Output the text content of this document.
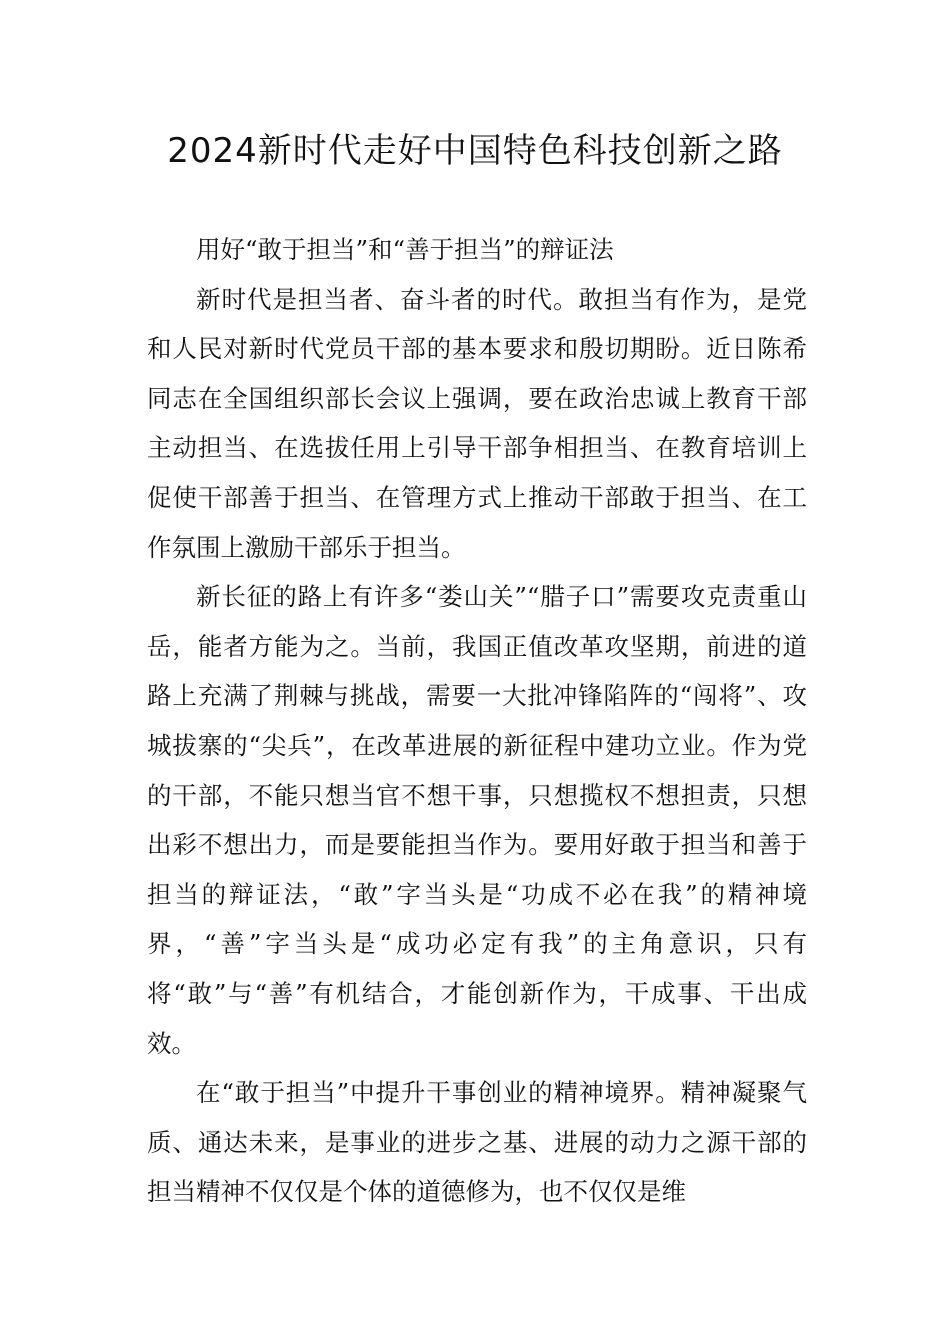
2024新时代走好中国特色科技创新之路

用好“敢于担当”和“善于担当”的辩证法

新时代是担当者、奋斗者的时代。敢担当有作为，是党和人民对新时代党员干部的基本要求和殷切期盼。近日陈希同志在全国组织部长会议上强调，要在政治忠诚上教育干部主动担当、在选拔任用上引导干部争相担当、在教育培训上促使干部善于担当、在管理方式上推动干部敢于担当、在工作氛围上激励干部乐于担当。

新长征的路上有许多“娄山关”“腊子口”需要攻克责重山岳，能者方能为之。当前，我国正值改革攻坚期，前进的道路上充满了荆棘与挑战，需要一大批冲锋陷阵的“闯将”、攻城拔寨的“尖兵”，在改革进展的新征程中建功立业。作为党的干部，不能只想当官不想干事，只想揽权不想担责，只想出彩不想出力，而是要能担当作为。要用好敢于担当和善于担当的辩证法，“敢”字当头是“功成不必在我”的精神境界，“善”字当头是“成功必定有我”的主角意识，只有将“敢”与“善”有机结合，才能创新作为，干成事、干出成效。

在“敢于担当”中提升干事创业的精神境界。精神凝聚气质、通达未来，是事业的进步之基、进展的动力之源干部的担当精神不仅仅是个体的道德修为，也不仅仅是维
